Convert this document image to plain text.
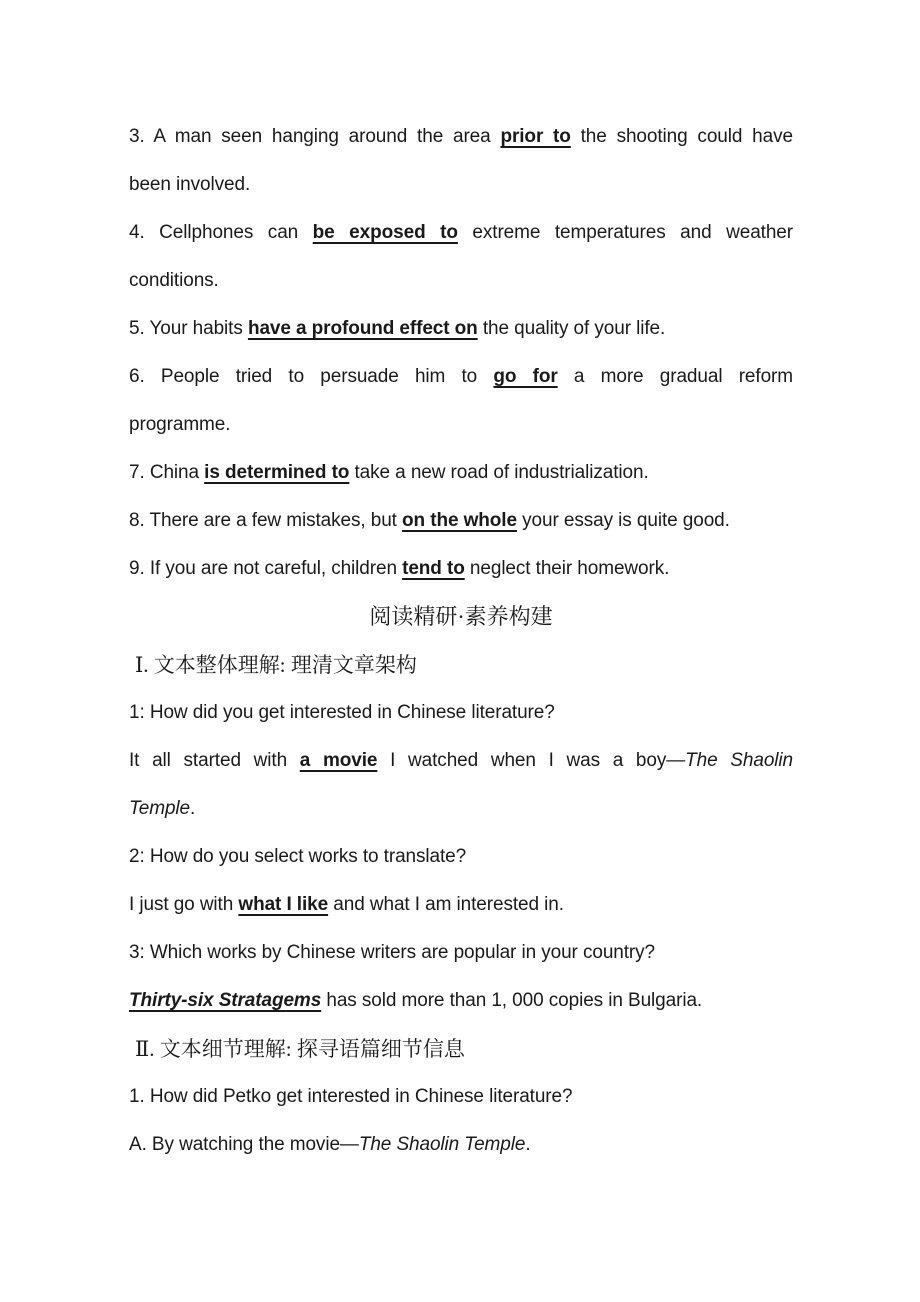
3. A man seen hanging around the area prior to the shooting could have
been involved.
4. Cellphones can be exposed to extreme temperatures and weather
conditions.
5. Your habits have a profound effect on the quality of your life.
6. People tried to persuade him to go for a more gradual reform
programme.
7. China is determined to take a new road of industrialization.
8. There are a few mistakes, but on the whole your essay is quite good.
9. If you are not careful, children tend to neglect their homework.
阅读精研·素养构建
Ⅰ. 文本整体理解: 理清文章架构
1: How did you get interested in Chinese literature?
It all started with a movie I watched when I was a boy—The Shaolin
Temple.
2: How do you select works to translate?
I just go with what I like and what I am interested in.
3: Which works by Chinese writers are popular in your country?
Thirty-six Stratagems has sold more than 1, 000 copies in Bulgaria.
Ⅱ. 文本细节理解: 探寻语篇细节信息
1. How did Petko get interested in Chinese literature?
A. By watching the movie—The Shaolin Temple.
